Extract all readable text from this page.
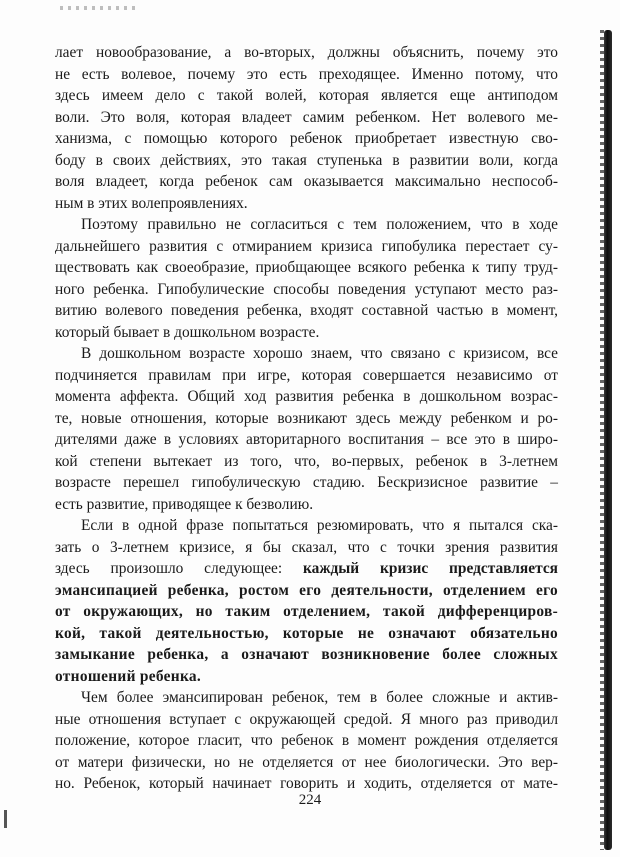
лает новообразование, а во-вторых, должны объяснить, почему это
не есть волевое, почему это есть преходящее. Именно потому, что
здесь имеем дело с такой волей, которая является еще антиподом
воли. Это воля, которая владеет самим ребенком. Нет волевого ме-
ханизма, с помощью которого ребенок приобретает известную сво-
боду в своих действиях, это такая ступенька в развитии воли, когда
воля владеет, когда ребенок сам оказывается максимально неспособ-
ным в этих волепроявлениях.
Поэтому правильно не согласиться с тем положением, что в ходе
дальнейшего развития с отмиранием кризиса гипобулика перестает су-
ществовать как своеобразие, приобщающее всякого ребенка к типу труд-
ного ребенка. Гипобулические способы поведения уступают место раз-
витию волевого поведения ребенка, входят составной частью в момент,
который бывает в дошкольном возрасте.
В дошкольном возрасте хорошо знаем, что связано с кризисом, все
подчиняется правилам при игре, которая совершается независимо от
момента аффекта. Общий ход развития ребенка в дошкольном возрас-
те, новые отношения, которые возникают здесь между ребенком и ро-
дителями даже в условиях авторитарного воспитания – все это в широ-
кой степени вытекает из того, что, во-первых, ребенок в 3-летнем
возрасте перешел гипобулическую стадию. Бескризисное развитие –
есть развитие, приводящее к безволию.
Если в одной фразе попытаться резюмировать, что я пытался ска-
зать о 3-летнем кризисе, я бы сказал, что с точки зрения развития
здесь произошло следующее: каждый кризис представляется
эмансипацией ребенка, ростом его деятельности, отделением его
от окружающих, но таким отделением, такой дифференциров-
кой, такой деятельностью, которые не означают обязательно
замыкание ребенка, а означают возникновение более сложных
отношений ребенка.
Чем более эмансипирован ребенок, тем в более сложные и актив-
ные отношения вступает с окружающей средой. Я много раз приводил
положение, которое гласит, что ребенок в момент рождения отделяется
от матери физически, но не отделяется от нее биологически. Это вер-
но. Ребенок, который начинает говорить и ходить, отделяется от мате-
224
